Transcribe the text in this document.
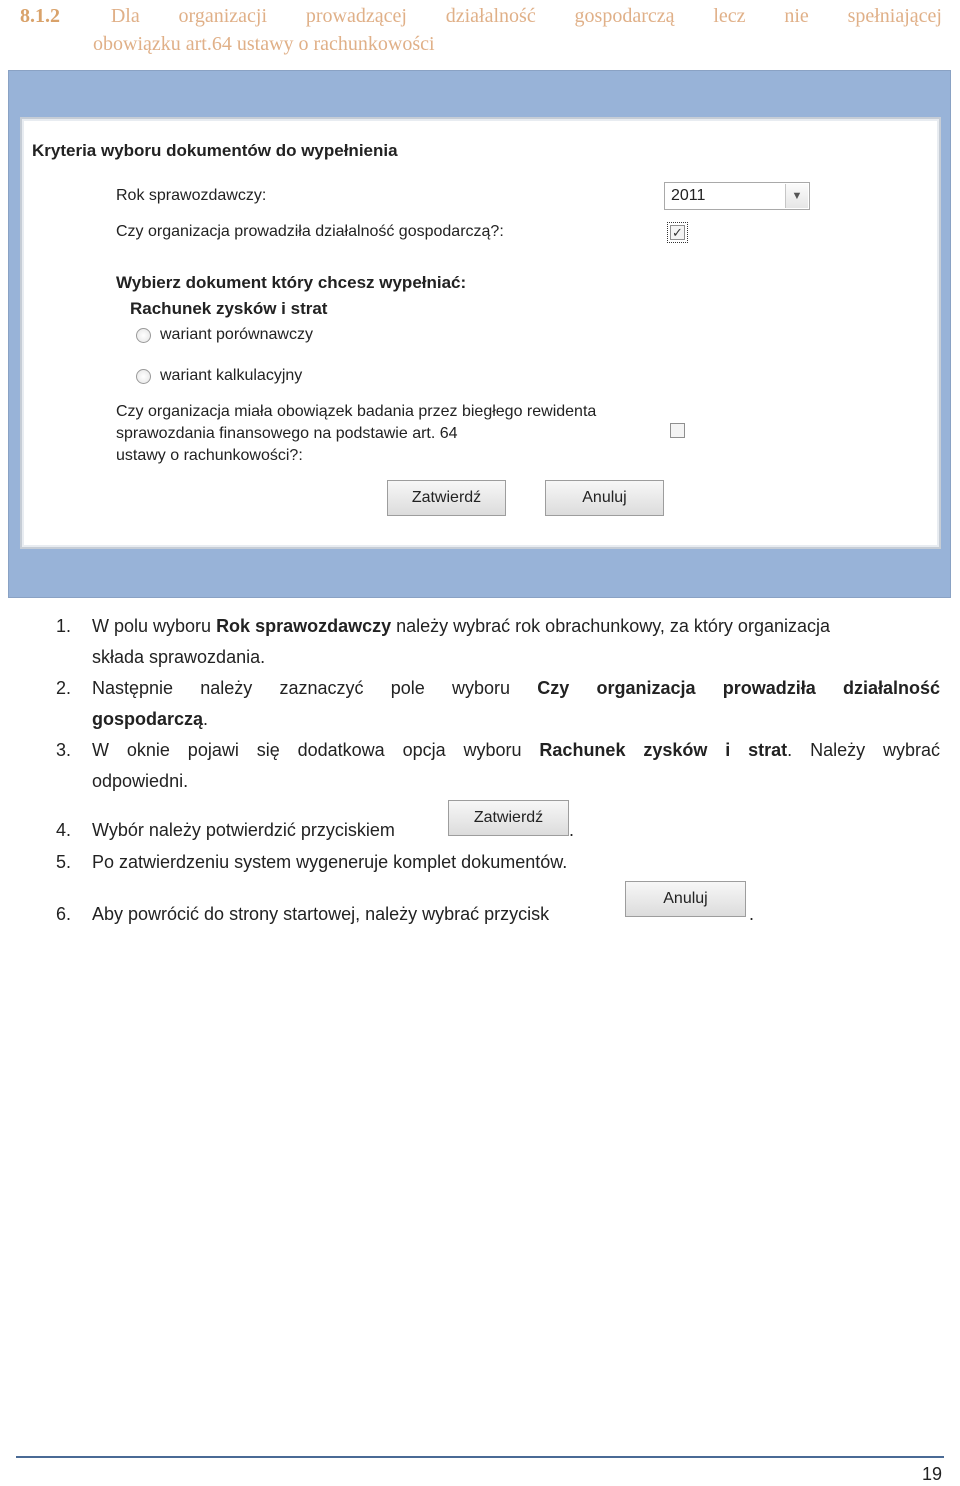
8.1.2	Dla organizacji prowadzącej działalność gospodarczą lecz nie spełniającej
obowiązku art.64 ustawy o rachunkowości
Kryteria wyboru dokumentów do wypełnienia
Rok sprawozdawczy:	2011	▼
Czy organizacja prowadziła działalność gospodarczą?:	✓
Wybierz dokument który chcesz wypełniać:
Rachunek zysków i strat
wariant porównawczy
wariant kalkulacyjny
Czy organizacja miała obowiązek badania przez biegłego rewidenta
sprawozdania finansowego na podstawie art. 64
ustawy o rachunkowości?:
Zatwierdź	Anuluj
1. W polu wyboru Rok sprawozdawczy należy wybrać rok obrachunkowy, za który organizacja
składa sprawozdania.
2. Następnie należy zaznaczyć pole wyboru Czy organizacja prowadziła działalność
gospodarczą.
3. W oknie pojawi się dodatkowa opcja wyboru Rachunek zysków i strat. Należy wybrać
odpowiedni.
4. Wybór należy potwierdzić przyciskiem
Zatwierdź
.
5. Po zatwierdzeniu system wygeneruje komplet dokumentów.
6. Aby powrócić do strony startowej, należy wybrać przycisk
Anuluj
.
19
